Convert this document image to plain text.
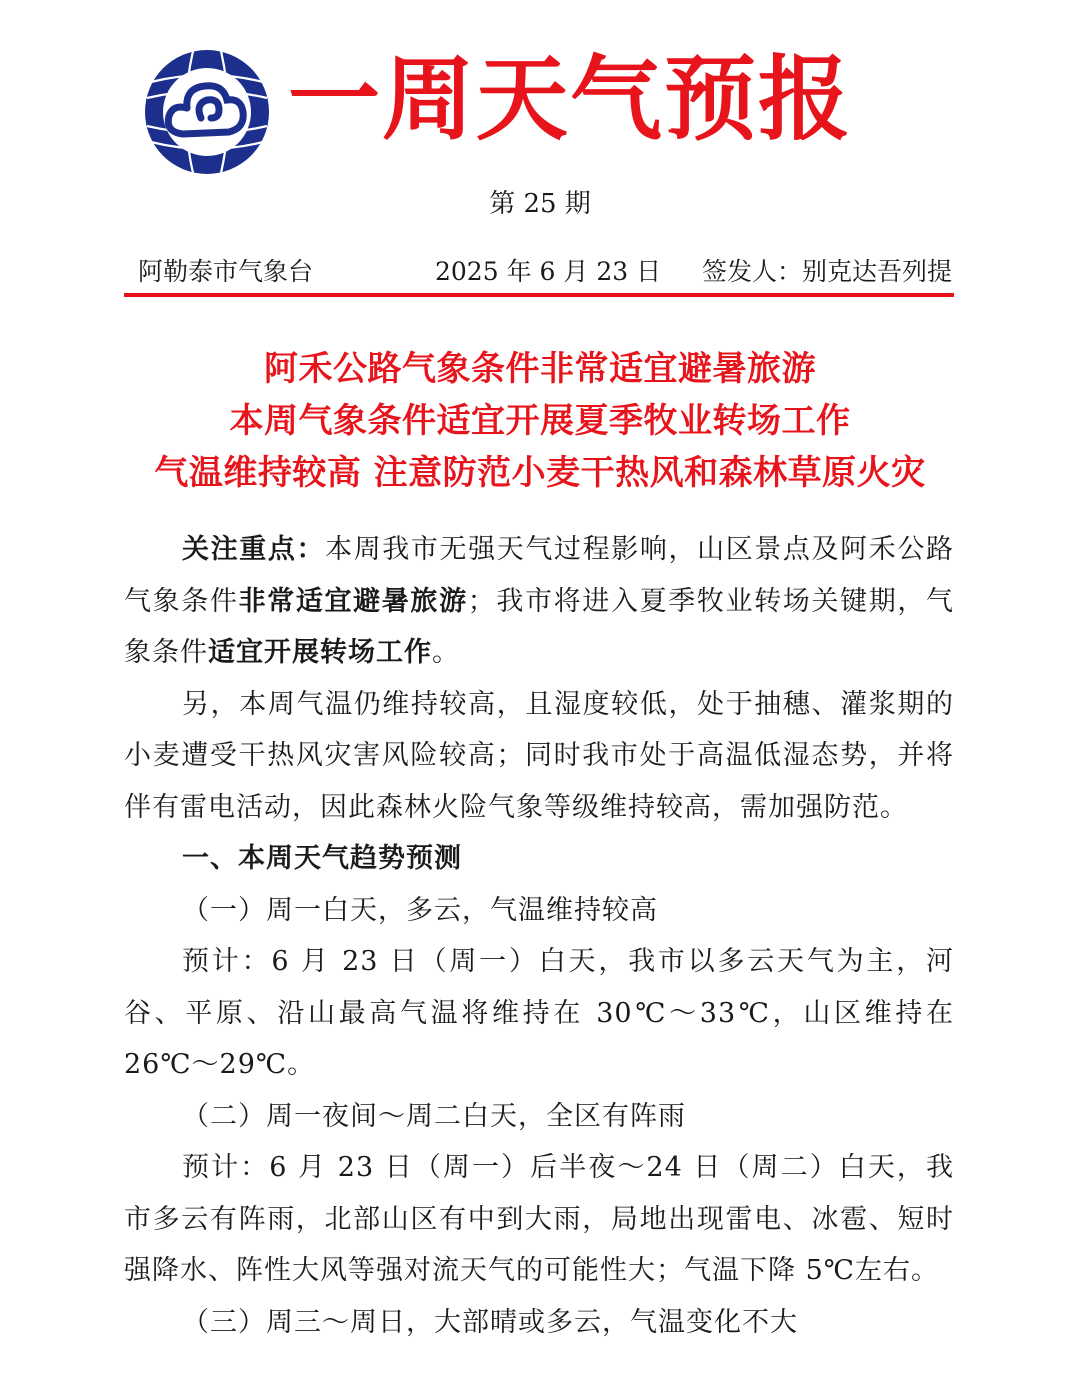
一周天气预报
第 25 期
阿勒泰市气象台	2025 年 6 月 23 日 签发人：别克达吾列提
阿禾公路气象条件非常适宜避暑旅游
本周气象条件适宜开展夏季牧业转场工作
气温维持较高 注意防范小麦干热风和森林草原火灾

关注重点：本周我市无强天气过程影响，山区景点及阿禾公路气象条件非常适宜避暑旅游；我市将进入夏季牧业转场关键期，气象条件适宜开展转场工作。

另，本周气温仍维持较高，且湿度较低，处于抽穗、灌浆期的小麦遭受干热风灾害风险较高；同时我市处于高温低湿态势，并将伴有雷电活动，因此森林火险气象等级维持较高，需加强防范。

一、本周天气趋势预测

（一）周一白天，多云，气温维持较高

预计：6 月 23 日（周一）白天，我市以多云天气为主，河谷、平原、沿山最高气温将维持在 30℃～33℃，山区维持在 26℃～29℃。

（二）周一夜间～周二白天，全区有阵雨

预计：6 月 23 日（周一）后半夜～24 日（周二）白天，我市多云有阵雨，北部山区有中到大雨，局地出现雷电、冰雹、短时强降水、阵性大风等强对流天气的可能性大；气温下降 5℃左右。

（三）周三～周日，大部晴或多云，气温变化不大
